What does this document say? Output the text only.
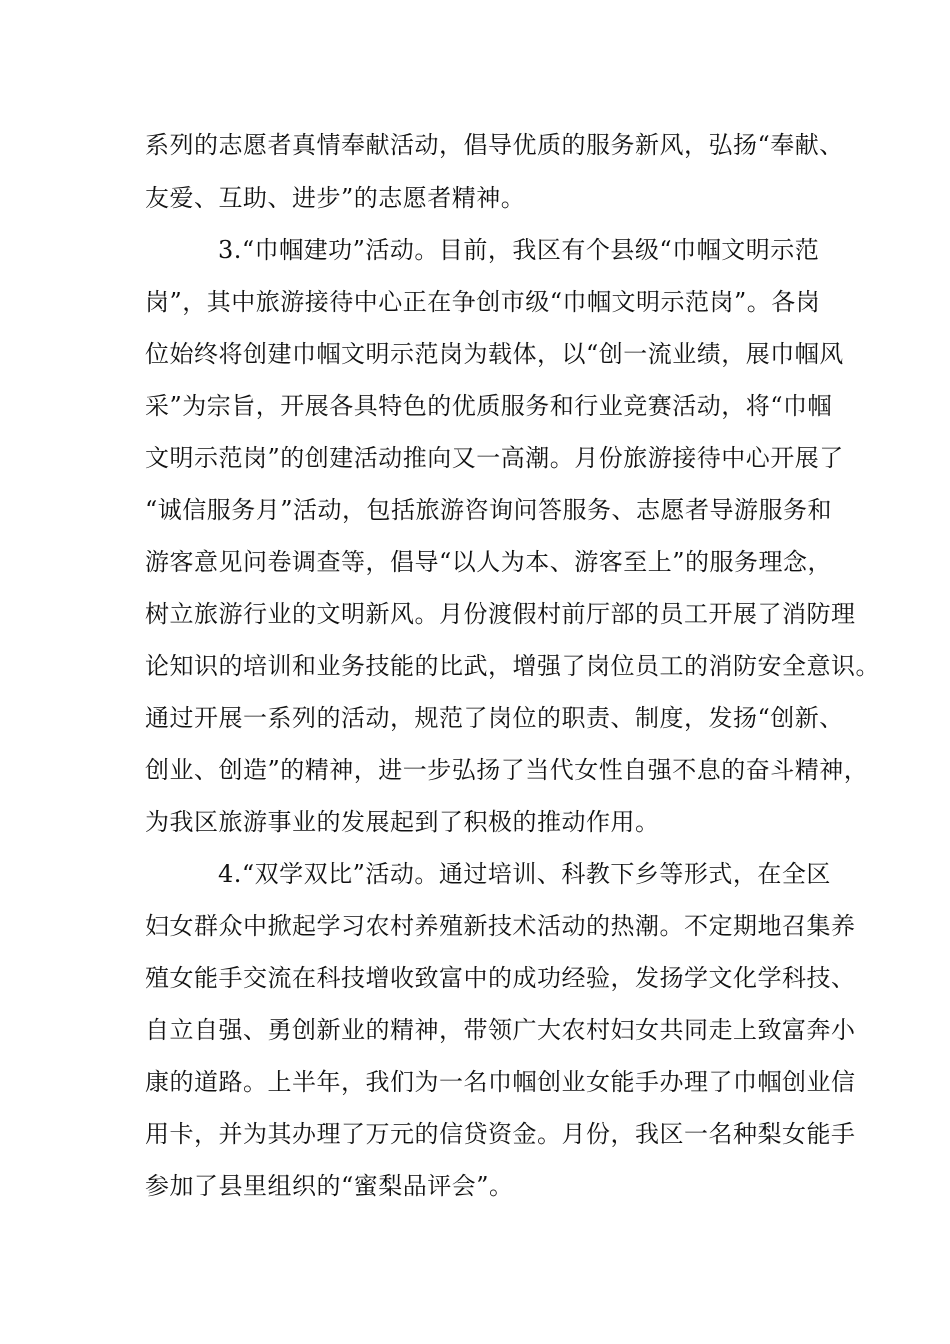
系列的志愿者真情奉献活动，倡导优质的服务新风，弘扬“奉献、
友爱、互助、进步”的志愿者精神。
3.“巾帼建功”活动。目前，我区有个县级“巾帼文明示范
岗”，其中旅游接待中心正在争创市级“巾帼文明示范岗”。各岗
位始终将创建巾帼文明示范岗为载体，以“创一流业绩，展巾帼风
采”为宗旨，开展各具特色的优质服务和行业竞赛活动，将“巾帼
文明示范岗”的创建活动推向又一高潮。月份旅游接待中心开展了
“诚信服务月”活动，包括旅游咨询问答服务、志愿者导游服务和
游客意见问卷调查等，倡导“以人为本、游客至上”的服务理念，
树立旅游行业的文明新风。月份渡假村前厅部的员工开展了消防理
论知识的培训和业务技能的比武，增强了岗位员工的消防安全意识。
通过开展一系列的活动，规范了岗位的职责、制度，发扬“创新、
创业、创造”的精神，进一步弘扬了当代女性自强不息的奋斗精神，
为我区旅游事业的发展起到了积极的推动作用。
4.“双学双比”活动。通过培训、科教下乡等形式，在全区
妇女群众中掀起学习农村养殖新技术活动的热潮。不定期地召集养
殖女能手交流在科技增收致富中的成功经验，发扬学文化学科技、
自立自强、勇创新业的精神，带领广大农村妇女共同走上致富奔小
康的道路。上半年，我们为一名巾帼创业女能手办理了巾帼创业信
用卡，并为其办理了万元的信贷资金。月份，我区一名种梨女能手
参加了县里组织的“蜜梨品评会”。
